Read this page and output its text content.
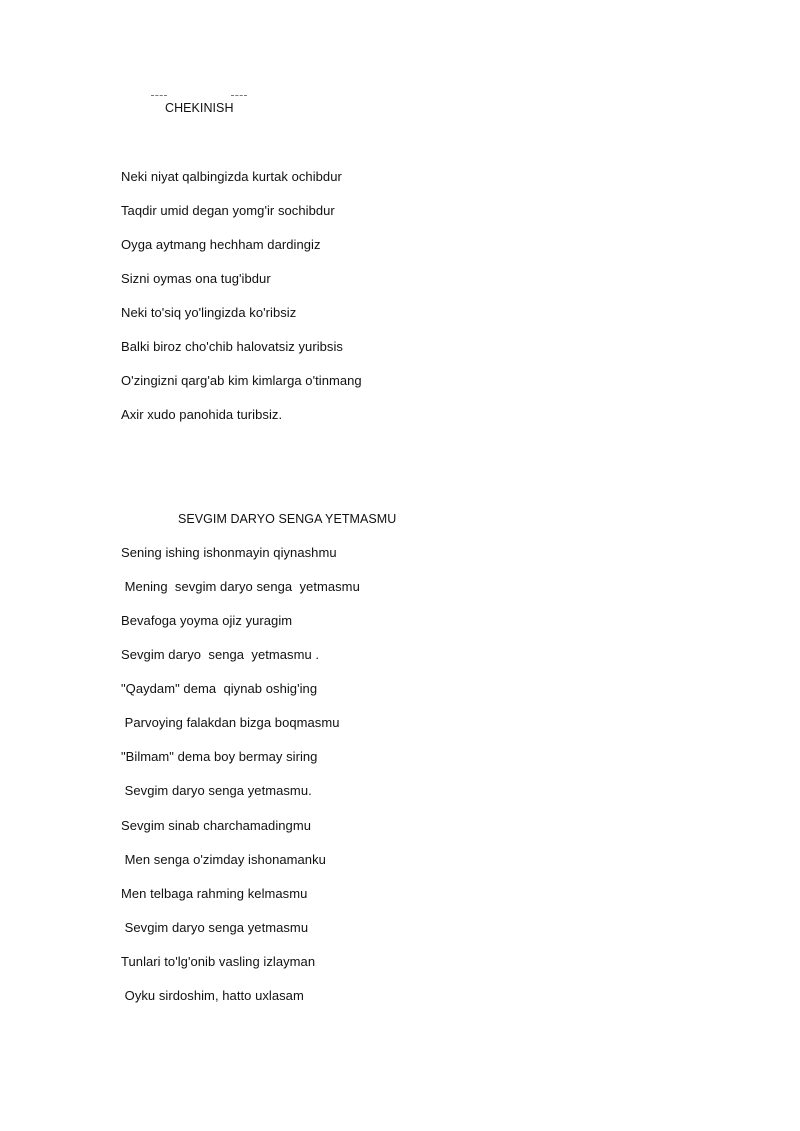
CHEKINISH
Neki niyat qalbingizda kurtak ochibdur
Taqdir umid degan yomg'ir sochibdur
Oyga aytmang hechham dardingiz
Sizni oymas ona tug'ibdur
Neki to'siq yo'lingizda ko'ribsiz
Balki biroz cho'chib halovatsiz yuribsis
O'zingizni qarg'ab kim kimlarga o'tinmang
Axir xudo panohida turibsiz.
SEVGIM DARYO SENGA YETMASMU
Sening ishing ishonmayin qiynashmu
Mening  sevgim daryo senga  yetmasmu
Bevafoga yoyma ojiz yuragim
Sevgim daryo  senga  yetmasmu .
"Qaydam" dema  qiynab oshig'ing
Parvoying falakdan bizga boqmasmu
"Bilmam" dema boy bermay siring
Sevgim daryo senga yetmasmu.
Sevgim sinab charchamadingmu
Men senga o'zimday ishonamanku
Men telbaga rahming kelmasmu
Sevgim daryo senga yetmasmu
Tunlari to'lg'onib vasling izlayman
Oyku sirdoshim, hatto uxlasam
